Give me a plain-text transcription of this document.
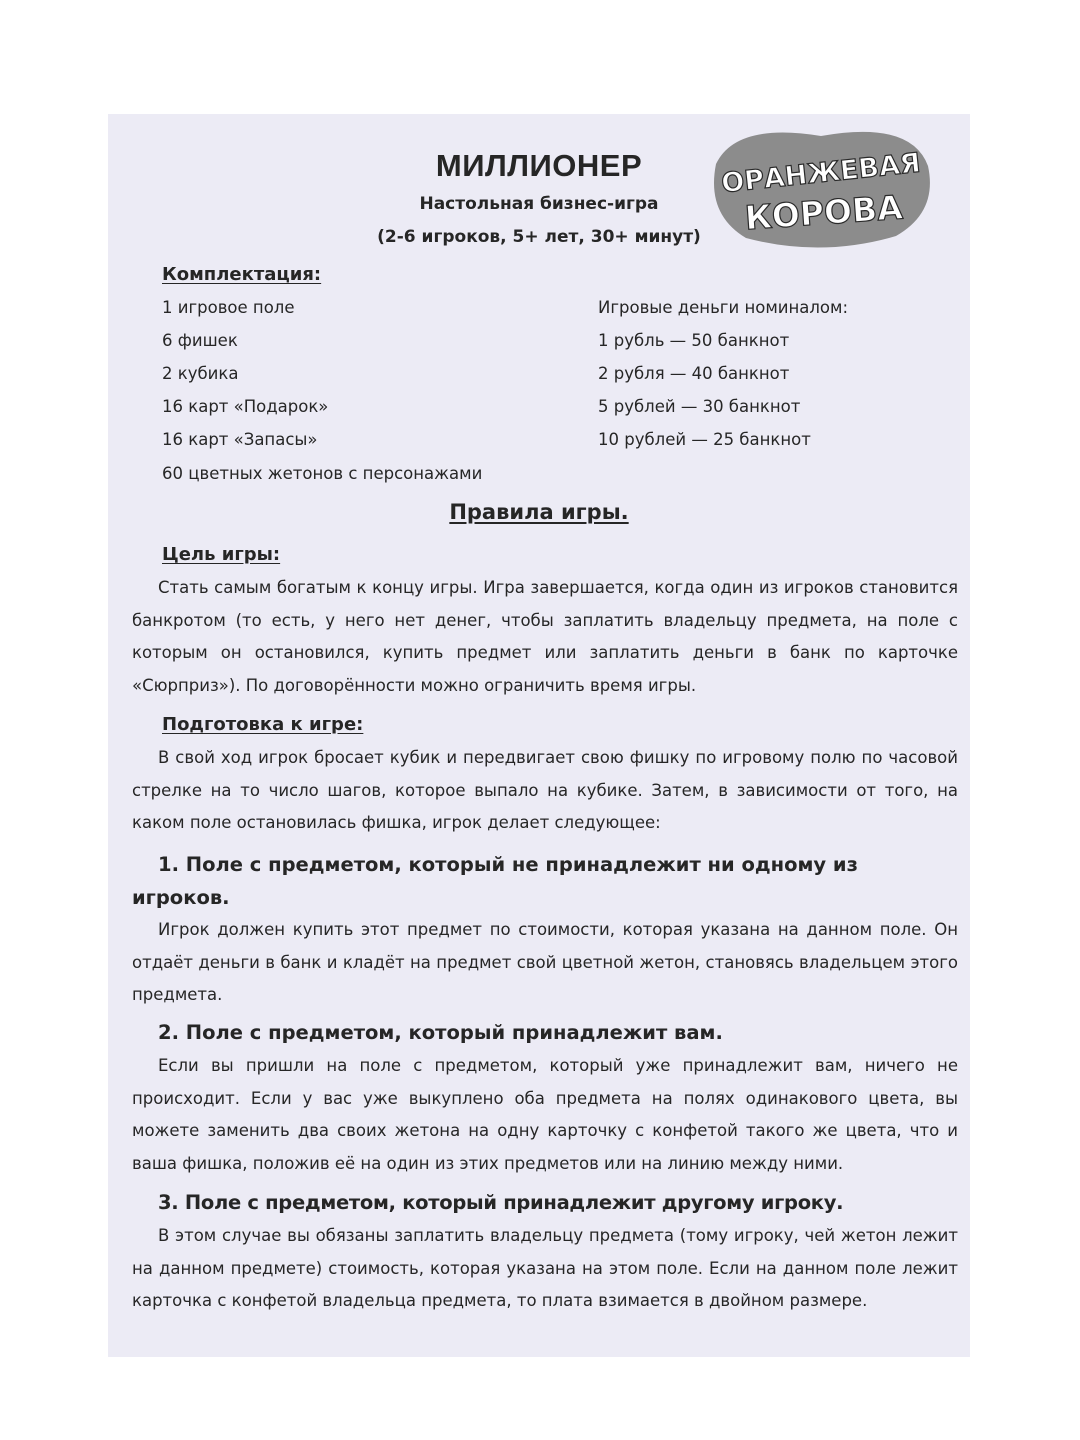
ОРАНЖЕВАЯ
КОРОВА
МИЛЛИОНЕР
Настольная бизнес-игра
(2-6 игроков, 5+ лет, 30+ минут)
Комплектация:
1 игровое поле
6 фишек
2 кубика
16 карт «Подарок»
16 карт «Запасы»
60 цветных жетонов с персонажами
Игровые деньги номиналом:
1 рубль — 50 банкнот
2 рубля — 40 банкнот
5 рублей — 30 банкнот
10 рублей — 25 банкнот
Правила игры.
Цель игры:

Стать самым богатым к концу игры. Игра завершается, когда один из игроков становится банкротом (то есть, у него нет денег, чтобы заплатить владельцу предмета, на поле с которым он остановился, купить предмет или заплатить деньги в банк по карточке «Сюрприз»). По договорённости можно ограничить время игры.

Подготовка к игре:

В свой ход игрок бросает кубик и передвигает свою фишку по игровому полю по часовой стрелке на то число шагов, которое выпало на кубике. Затем, в зависимости от того, на каком поле остановилась фишка, игрок делает следующее:

1. Поле с предметом, который не принадлежит ни одному из игроков.

Игрок должен купить этот предмет по стоимости, которая указана на данном поле. Он отдаёт деньги в банк и кладёт на предмет свой цветной жетон, становясь владельцем этого предмета.

2. Поле с предметом, который принадлежит вам.

Если вы пришли на поле с предметом, который уже принадлежит вам, ничего не происходит. Если у вас уже выкуплено оба предмета на полях одинакового цвета, вы можете заменить два своих жетона на одну карточку с конфетой такого же цвета, что и ваша фишка, положив её на один из этих предметов или на линию между ними.

3. Поле с предметом, который принадлежит другому игроку.

В этом случае вы обязаны заплатить владельцу предмета (тому игроку, чей жетон лежит на данном предмете) стоимость, которая указана на этом поле. Если на данном поле лежит карточка с конфетой владельца предмета, то плата взимается в двойном размере.
